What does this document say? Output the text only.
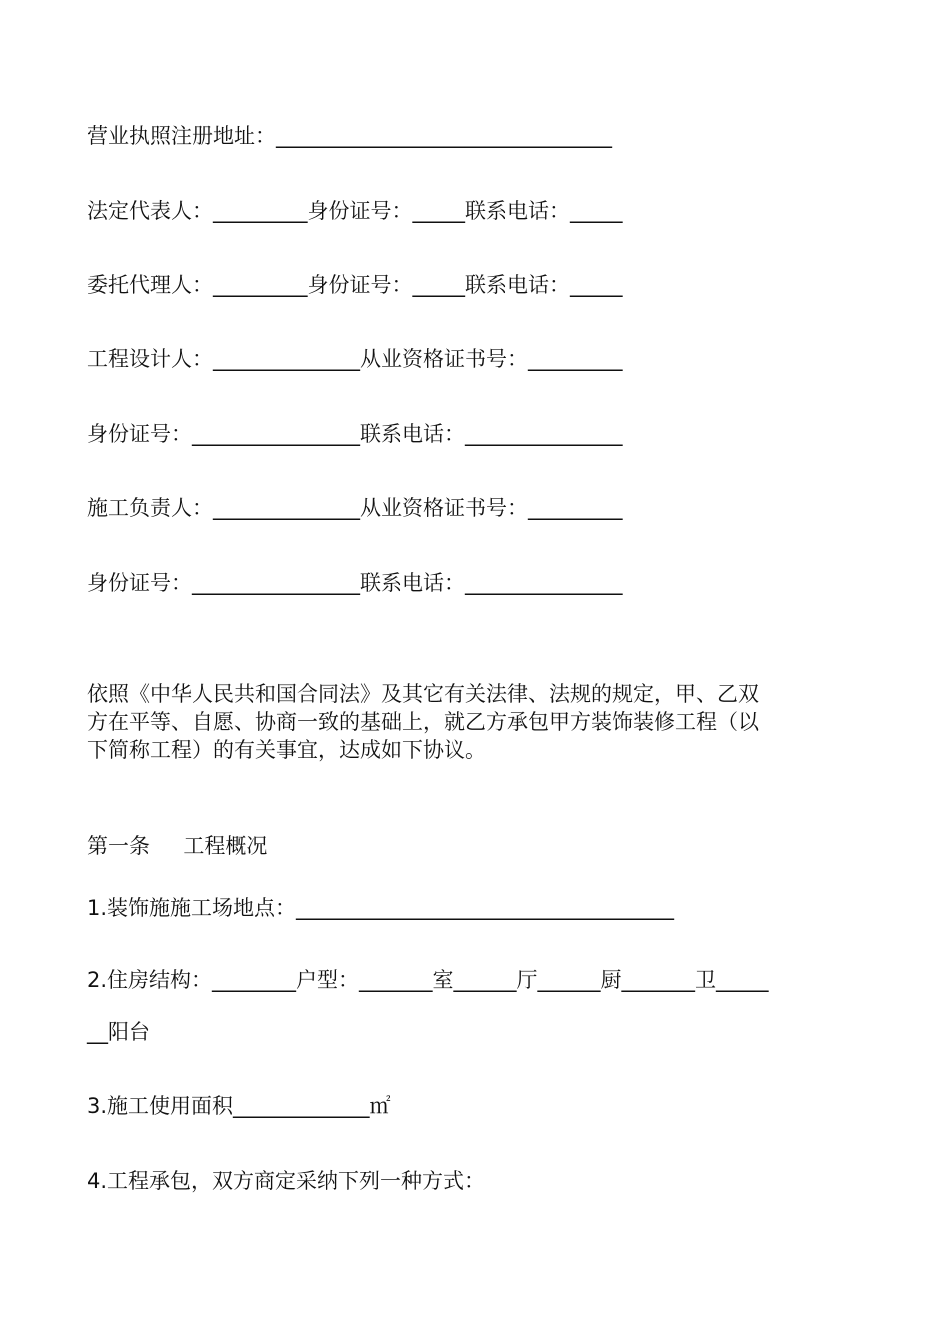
营业执照注册地址：________________________________

法定代表人：_________身份证号：_____联系电话：_____

委托代理人：_________身份证号：_____联系电话：_____

工程设计人：______________从业资格证书号：_________

身份证号：________________联系电话：_______________

施工负责人：______________从业资格证书号：_________

身份证号：________________联系电话：_______________

依照《中华人民共和国合同法》及其它有关法律、法规的规定，甲、乙双
方在平等、自愿、协商一致的基础上，就乙方承包甲方装饰装修工程（以
下简称工程）的有关事宜，达成如下协议。

第一条     工程概况

1.装饰施施工场地点：____________________________________

2.住房结构：________户型：_______室______厅______厨_______卫_____

__阳台

3.施工使用面积_____________㎡

4.工程承包，双方商定采纳下列一种方式：
